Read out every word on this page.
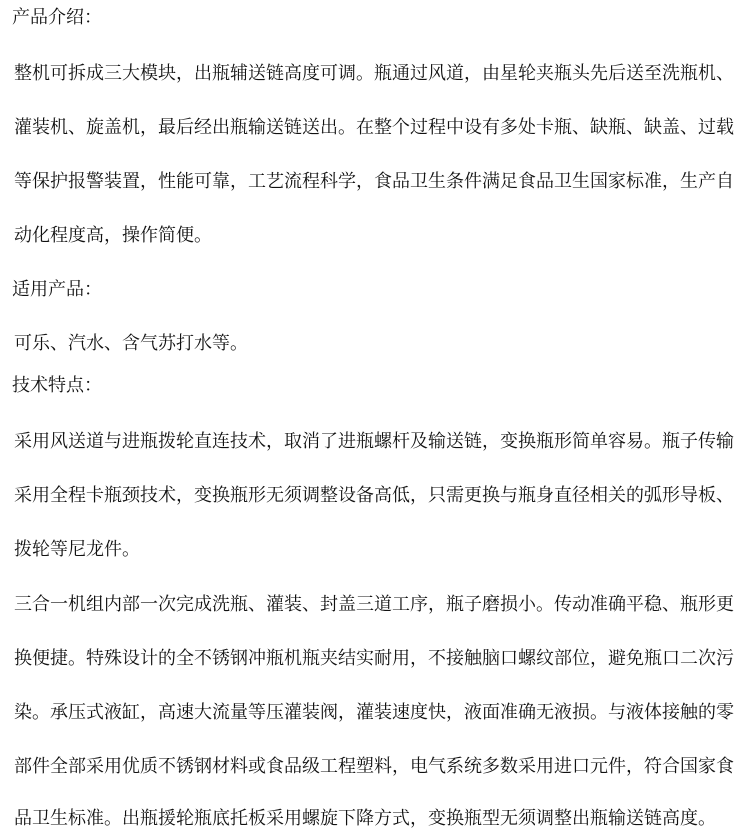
产品介绍：
整机可拆成三大模块，出瓶辅送链高度可调。瓶通过风道，由星轮夹瓶头先后送至洗瓶机、
灌装机、旋盖机，最后经出瓶输送链送出。在整个过程中设有多处卡瓶、缺瓶、缺盖、过载
等保护报警装置，性能可靠，工艺流程科学，食品卫生条件满足食品卫生国家标准，生产自
动化程度高，操作简便。
适用产品：
可乐、汽水、含气苏打水等。
技术特点：
采用风送道与进瓶拨轮直连技术，取消了进瓶螺杆及输送链，变换瓶形简单容易。瓶子传输
采用全程卡瓶颈技术，变换瓶形无须调整设备高低，只需更换与瓶身直径相关的弧形导板、
拨轮等尼龙件。
三合一机组内部一次完成洗瓶、灌装、封盖三道工序，瓶子磨损小。传动准确平稳、瓶形更
换便捷。特殊设计的全不锈钢冲瓶机瓶夹结实耐用，不接触脑口螺纹部位，避免瓶口二次污
染。承压式液缸，高速大流量等压灌装阀，灌装速度快，液面准确无液损。与液体接触的零
部件全部采用优质不锈钢材料或食品级工程塑料，电气系统多数采用进口元件，符合国家食
品卫生标准。出瓶援轮瓶底托板采用螺旋下降方式，变换瓶型无须调整出瓶输送链高度。
